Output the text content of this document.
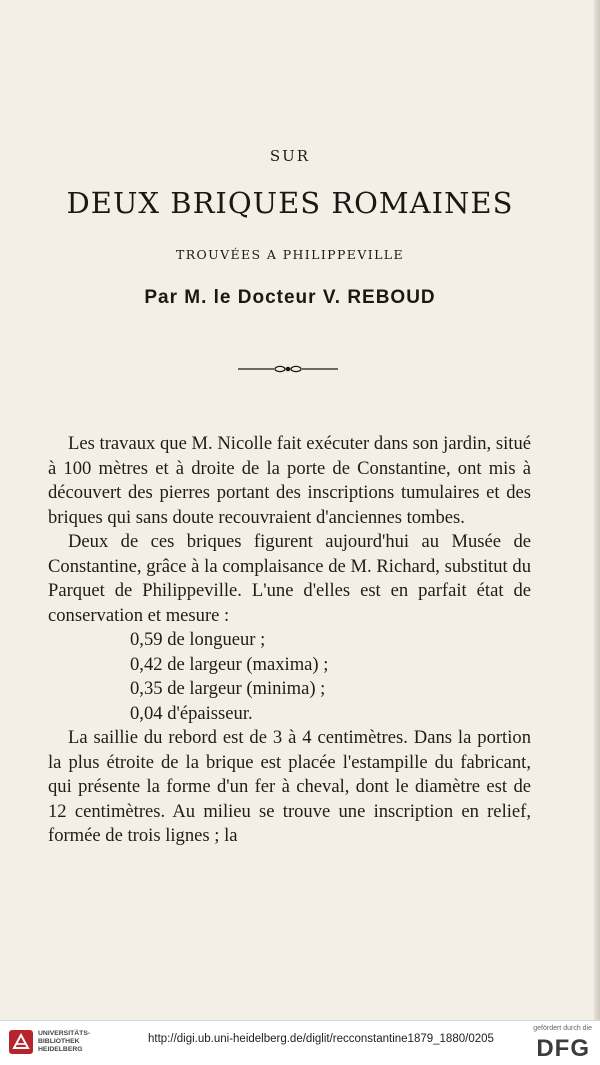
SUR
DEUX BRIQUES ROMAINES
TROUVÉES A PHILIPPEVILLE
Par M. le Docteur V. REBOUD

Les travaux que M. Nicolle fait exécuter dans son jardin, situé à 100 mètres et à droite de la porte de Constantine, ont mis à découvert des pierres portant des inscriptions tumulaires et des briques qui sans doute recouvraient d'anciennes tombes.

Deux de ces briques figurent aujourd'hui au Musée de Constantine, grâce à la complaisance de M. Richard, substitut du Parquet de Philippeville. L'une d'elles est en parfait état de conservation et mesure :

0,59 de longueur ;

0,42 de largeur (maxima) ;

0,35 de largeur (minima) ;

0,04 d'épaisseur.

La saillie du rebord est de 3 à 4 centimètres. Dans la portion la plus étroite de la brique est placée l'estampille du fabricant, qui présente la forme d'un fer à cheval, dont le diamètre est de 12 centimètres. Au milieu se trouve une inscription en relief, formée de trois lignes ; la

UNIVERSITÄTS-
BIBLIOTHEK
HEIDELBERG
http://digi.ub.uni-heidelberg.de/diglit/recconstantine1879_1880/0205
gefördert durch die
DFG
